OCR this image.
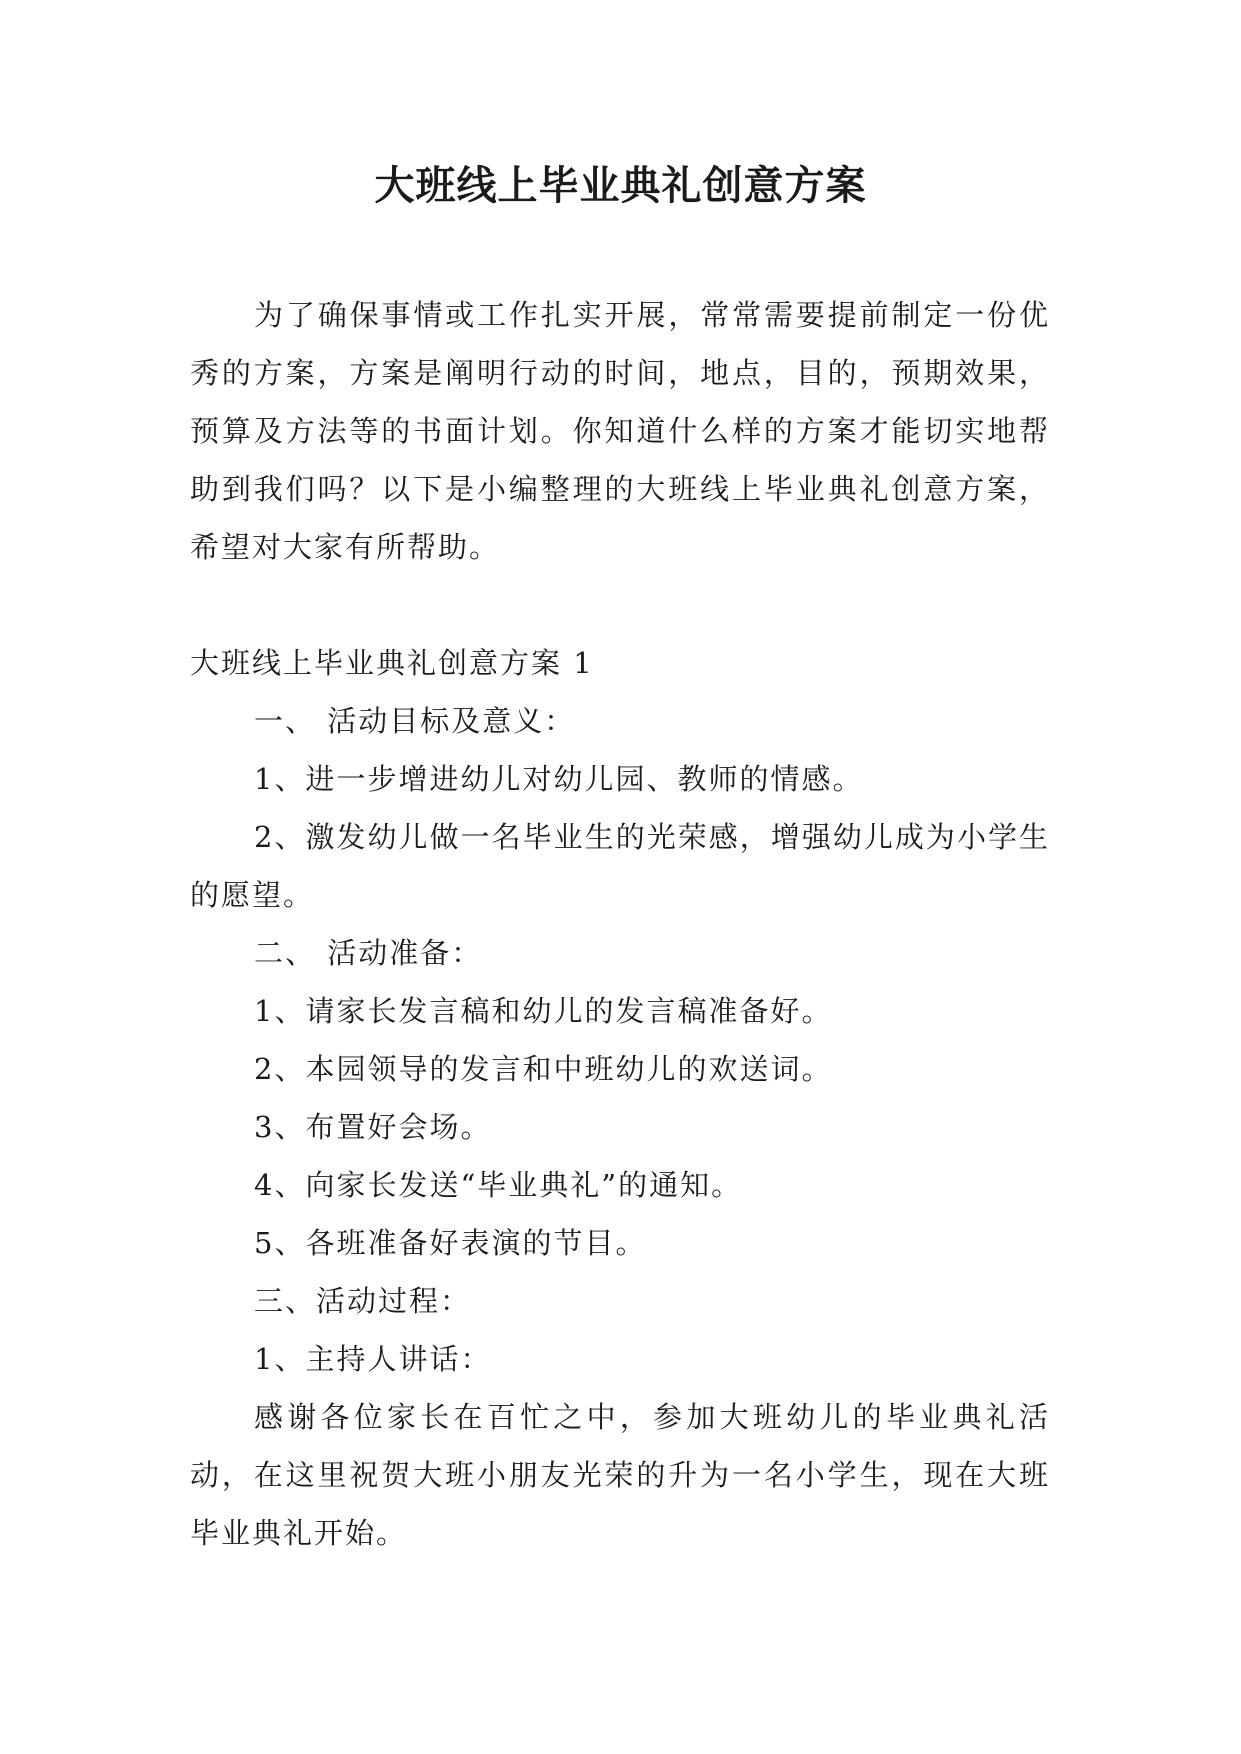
大班线上毕业典礼创意方案

为了确保事情或工作扎实开展，常常需要提前制定一份优秀的方案，方案是阐明行动的时间，地点，目的，预期效果，预算及方法等的书面计划。你知道什么样的方案才能切实地帮助到我们吗？以下是小编整理的大班线上毕业典礼创意方案，希望对大家有所帮助。

大班线上毕业典礼创意方案 1

一、 活动目标及意义：

1、进一步增进幼儿对幼儿园、教师的情感。

2、激发幼儿做一名毕业生的光荣感，增强幼儿成为小学生的愿望。

二、 活动准备：

1、请家长发言稿和幼儿的发言稿准备好。

2、本园领导的发言和中班幼儿的欢送词。

3、布置好会场。

4、向家长发送“毕业典礼”的通知。

5、各班准备好表演的节目。

三、活动过程：

1、主持人讲话：

感谢各位家长在百忙之中，参加大班幼儿的毕业典礼活动，在这里祝贺大班小朋友光荣的升为一名小学生，现在大班毕业典礼开始。
